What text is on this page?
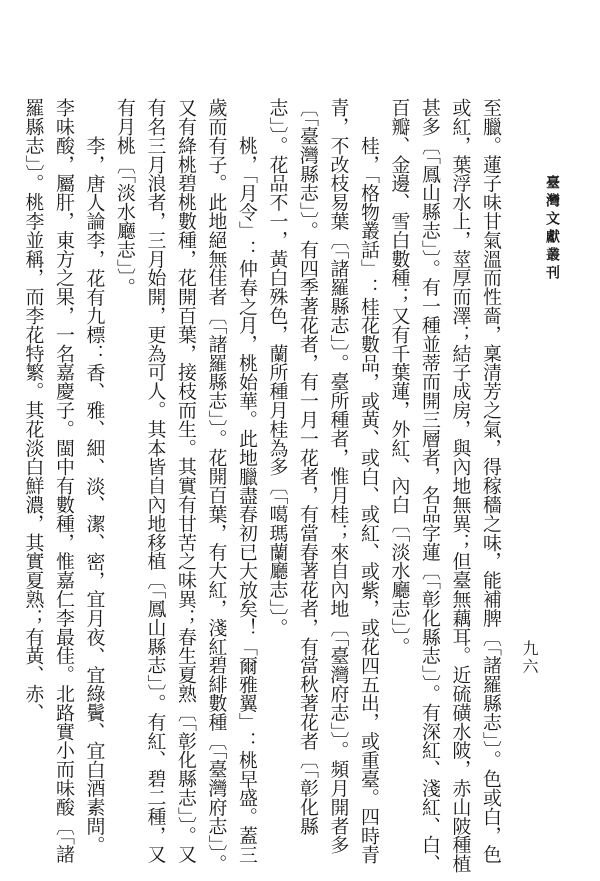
臺灣文獻叢刊
九六

至臘。蓮子味甘氣溫而性嗇，稟清芳之氣，得稼穡之味，能補脾〔「諸羅縣志」〕。色或白，色或紅，葉浮水上，莖厚而澤；結子成房，與內地無異；但臺無藕耳。近硫磺水陂，赤山陂種植甚多〔「鳳山縣志」〕。有一種並蒂而開三層者，名品字蓮〔「彰化縣志」〕。有深紅、淺紅、白、百瓣、金邊、雪白數種；又有千葉蓮，外紅、內白〔「淡水廳志」〕。

桂，「格物叢話」：桂花數品，或黃、或白、或紅、或紫，或花四五出，或重臺。四時青青，不改枝易葉〔「諸羅縣志」〕。臺所種者，惟月桂；來自內地〔「臺灣府志」〕。頻月開者多〔「臺灣縣志」〕。有四季著花者，有一月一花者，有當春著花者，有當秋著花者〔「彰化縣志」〕。花品不一，黃白殊色，蘭所種月桂為多〔「噶瑪蘭廳志」〕。

桃，「月令」：仲春之月，桃始華。此地臘盡春初已大放矣！「爾雅翼」：桃早盛。蓋三歲而有子。此地絕無佳者〔「諸羅縣志」〕。花開百葉，有大紅，淺紅碧緋數種〔「臺灣府志」〕。又有絳桃碧桃數種，花開百葉，接枝而生。其實有甘苦之味異；春生夏熟〔「彰化縣志」〕。又有名三月浪者，三月始開，更為可人。其本皆自內地移植〔「鳳山縣志」〕。有紅、碧二種，又有月桃〔「淡水廳志」〕。

李，唐人論李，花有九標：香、雅、細、淡、潔、密，宜月夜、宜綠鬢、宜白酒素問。李味酸，屬肝，東方之果，一名嘉慶子。閩中有數種，惟嘉仁李最佳。北路實小而味酸〔「諸羅縣志」〕。桃李並稱，而李花特繁。其花淡白鮮濃，其實夏熟；有黃、赤、
